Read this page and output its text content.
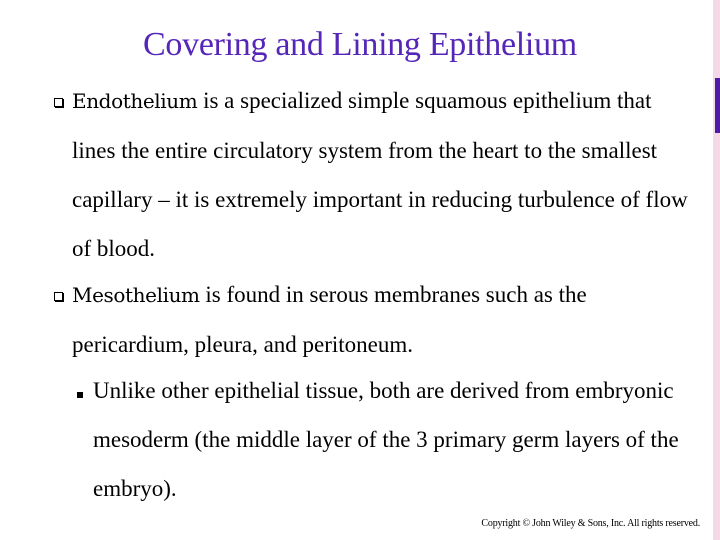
Covering and Lining Epithelium
Endothelium is a specialized simple squamous epithelium that lines the entire circulatory system from the heart to the smallest capillary – it is extremely important in reducing turbulence of flow of blood.
Mesothelium is found in serous membranes such as the pericardium, pleura, and peritoneum.
Unlike other epithelial tissue, both are derived from embryonic mesoderm (the middle layer of the 3 primary germ layers of the embryo).
Copyright © John Wiley & Sons, Inc. All rights reserved.
